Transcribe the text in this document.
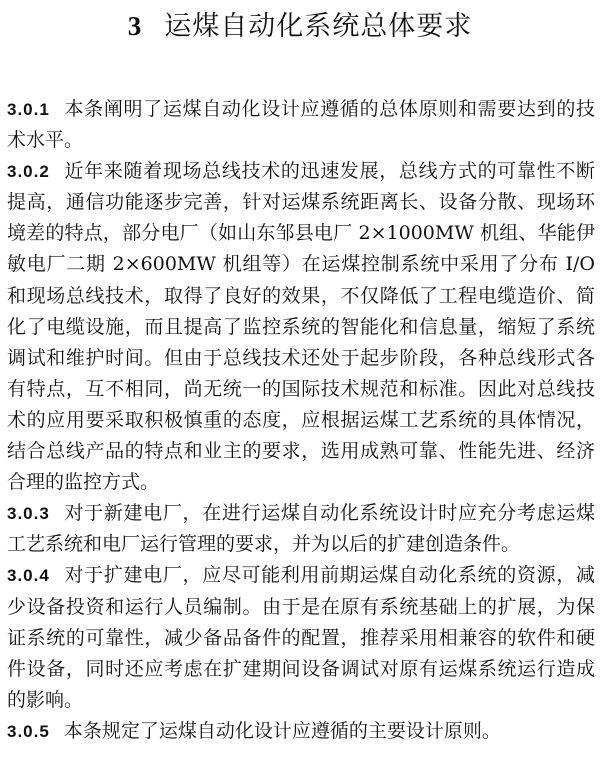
3 运煤自动化系统总体要求

3.0.1 本条阐明了运煤自动化设计应遵循的总体原则和需要达到的技术水平。

3.0.2 近年来随着现场总线技术的迅速发展，总线方式的可靠性不断提高，通信功能逐步完善，针对运煤系统距离长、设备分散、现场环境差的特点，部分电厂（如山东邹县电厂 2×1000MW 机组、华能伊敏电厂二期 2×600MW 机组等）在运煤控制系统中采用了分布 I/O 和现场总线技术，取得了良好的效果，不仅降低了工程电缆造价、简化了电缆设施，而且提高了监控系统的智能化和信息量，缩短了系统调试和维护时间。但由于总线技术还处于起步阶段，各种总线形式各有特点，互不相同，尚无统一的国际技术规范和标准。因此对总线技术的应用要采取积极慎重的态度，应根据运煤工艺系统的具体情况，结合总线产品的特点和业主的要求，选用成熟可靠、性能先进、经济合理的监控方式。

3.0.3 对于新建电厂，在进行运煤自动化系统设计时应充分考虑运煤工艺系统和电厂运行管理的要求，并为以后的扩建创造条件。

3.0.4 对于扩建电厂，应尽可能利用前期运煤自动化系统的资源，减少设备投资和运行人员编制。由于是在原有系统基础上的扩展，为保证系统的可靠性，减少备品备件的配置，推荐采用相兼容的软件和硬件设备，同时还应考虑在扩建期间设备调试对原有运煤系统运行造成的影响。

3.0.5 本条规定了运煤自动化设计应遵循的主要设计原则。
